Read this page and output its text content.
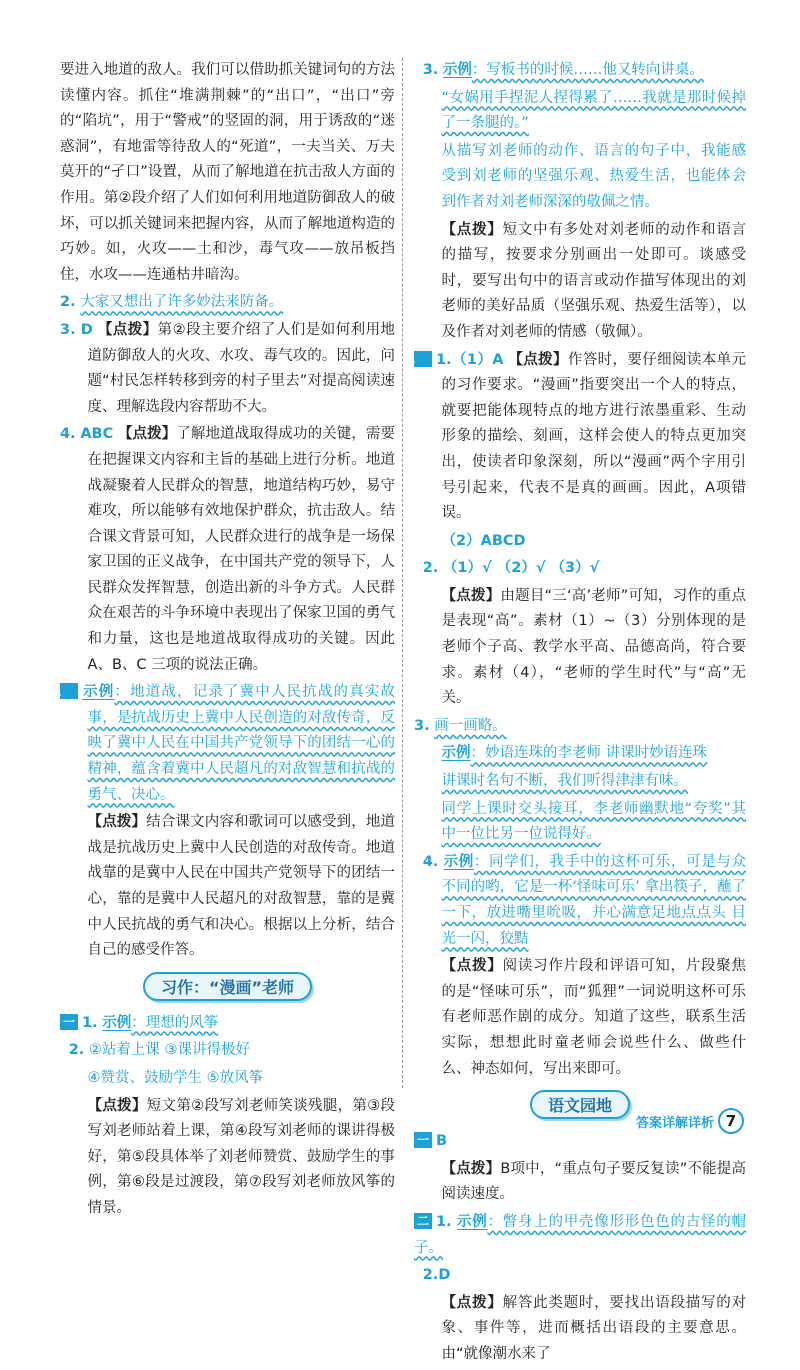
要进入地道的敌人。我们可以借助抓关键词句的方法读懂内容。抓住“堆满荆棘”的“出口”，“出口”旁的“陷坑”，用于“警戒”的竖固的洞，用于诱敌的“迷惑洞”，有地雷等待敌人的“死道”，一夫当关、万夫莫开的“孑口”设置，从而了解地道在抗击敌人方面的作用。第②段介绍了人们如何利用地道防御敌人的破坏，可以抓关键词来把握内容，从而了解地道构造的巧妙。如，火攻——土和沙，毒气攻——放吊板挡住，水攻——连通枯井暗沟。

2. 大家又想出了许多妙法来防备。

3. D 【点拨】第②段主要介绍了人们是如何利用地道防御敌人的火攻、水攻、毒气攻的。因此，问题“村民怎样转移到旁的村子里去”对提高阅读速度、理解选段内容帮助不大。

4. ABC 【点拨】了解地道战取得成功的关键，需要在把握课文内容和主旨的基础上进行分析。地道战凝聚着人民群众的智慧，地道结构巧妙，易守难攻，所以能够有效地保护群众，抗击敌人。结合课文背景可知，人民群众进行的战争是一场保家卫国的正义战争，在中国共产党的领导下，人民群众发挥智慧，创造出新的斗争方式。人民群众在艰苦的斗争环境中表现出了保家卫国的勇气和力量，这也是地道战取得成功的关键。因此 A、B、C 三项的说法正确。

五 示例：地道战，记录了冀中人民抗战的真实故事，是抗战历史上冀中人民创造的对敌传奇，反映了冀中人民在中国共产党领导下的团结一心的精神，蕴含着冀中人民超凡的对敌智慧和抗战的勇气、决心。

【点拨】结合课文内容和歌词可以感受到，地道战是抗战历史上冀中人民创造的对敌传奇。地道战靠的是冀中人民在中国共产党领导下的团结一心，靠的是冀中人民超凡的对敌智慧，靠的是冀中人民抗战的勇气和决心。根据以上分析，结合自己的感受作答。

习作：“漫画”老师

一 1. 示例：理想的风筝

2. ②站着上课 ③课讲得极好

④赞赏、鼓励学生 ⑤放风筝

【点拨】短文第②段写刘老师笑谈残腿，第③段写刘老师站着上课，第④段写刘老师的课讲得极好，第⑤段具体举了刘老师赞赏、鼓励学生的事例，第⑥段是过渡段，第⑦段写刘老师放风筝的情景。

3. 示例：写板书的时候……他又转向讲桌。

“女娲用手捏泥人捏得累了……我就是那时候掉了一条腿的。”

从描写刘老师的动作、语言的句子中，我能感受到刘老师的坚强乐观、热爱生活，也能体会到作者对刘老师深深的敬佩之情。

【点拨】短文中有多处对刘老师的动作和语言的描写，按要求分别画出一处即可。谈感受时，要写出句中的语言或动作描写体现出的刘老师的美好品质（坚强乐观、热爱生活等），以及作者对刘老师的情感（敬佩）。

二 1.（1）A 【点拨】作答时，要仔细阅读本单元的习作要求。“漫画”指要突出一个人的特点，就要把能体现特点的地方进行浓墨重彩、生动形象的描绘、刻画，这样会使人的特点更加突出，使读者印象深刻，所以“漫画”两个字用引号引起来，代表不是真的画画。因此，A项错误。

（2）ABCD

2. （1）√ （2）√ （3）√

【点拨】由题目“三‘高’老师”可知，习作的重点是表现“高”。素材（1）~（3）分别体现的是老师个子高、教学水平高、品德高尚，符合要求。素材（4），“老师的学生时代”与“高”无关。

3. 画一画略。

示例：妙语连珠的李老师 讲课时妙语连珠

讲课时名句不断，我们听得津津有味。

同学上课时交头接耳，李老师幽默地“夸奖”其中一位比另一位说得好。

4. 示例：同学们，我手中的这杯可乐，可是与众不同的哟，它是一杯‘怪味可乐’ 拿出筷子，蘸了一下，放进嘴里吮吸，并心满意足地点点头 目光一闪，狡黠

【点拨】阅读习作片段和评语可知，片段聚焦的是“怪味可乐”，而“狐狸”一词说明这杯可乐有老师恶作剧的成分。知道了这些，联系生活实际，想想此时童老师会说些什么、做些什么、神态如何，写出来即可。

语文园地

一 B

【点拨】B项中，“重点句子要反复读”不能提高阅读速度。

二 1. 示例：瞥身上的甲壳像形形色色的古怪的帽子。

2.D

【点拨】解答此类题时，要找出语段描写的对象、事件等，进而概括出语段的主要意思。由“就像潮水来了

答案详解详析 7
